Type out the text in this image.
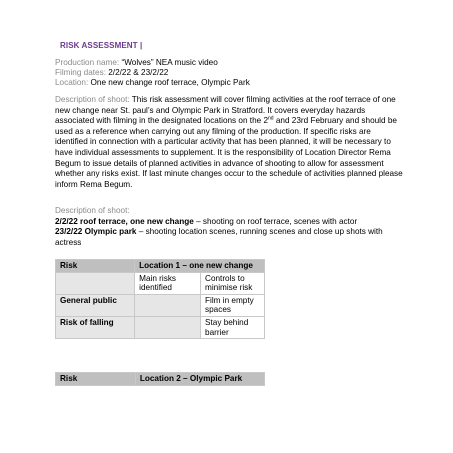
RISK ASSESSMENT |
Production name: “Wolves” NEA music video
Filming dates: 2/2/22 & 23/2/22
Location: One new change roof terrace, Olympic Park
Description of shoot: This risk assessment will cover filming activities at the roof terrace of one new change near St. paul’s and Olympic Park in Stratford. It covers everyday hazards associated with filming in the designated locations on the 2nd and 23rd February and should be used as a reference when carrying out any filming of the production. If specific risks are identified in connection with a particular activity that has been planned, it will be necessary to have individual assessments to supplement. It is the responsibility of Location Director Rema Begum to issue details of planned activities in advance of shooting to allow for assessment whether any risks exist. If last minute changes occur to the schedule of activities planned please inform Rema Begum.
Description of shoot:

2/2/22 roof terrace, one new change – shooting on roof terrace, scenes with actor

23/2/22 Olympic park – shooting location scenes, running scenes and close up shots with actress

Risk	Location 1 – one new change	
	Main risks identified	Controls to minimise risk
General public		Film in empty spaces
Risk of falling		Stay behind barrier
Risk	Location 2 – Olympic Park
